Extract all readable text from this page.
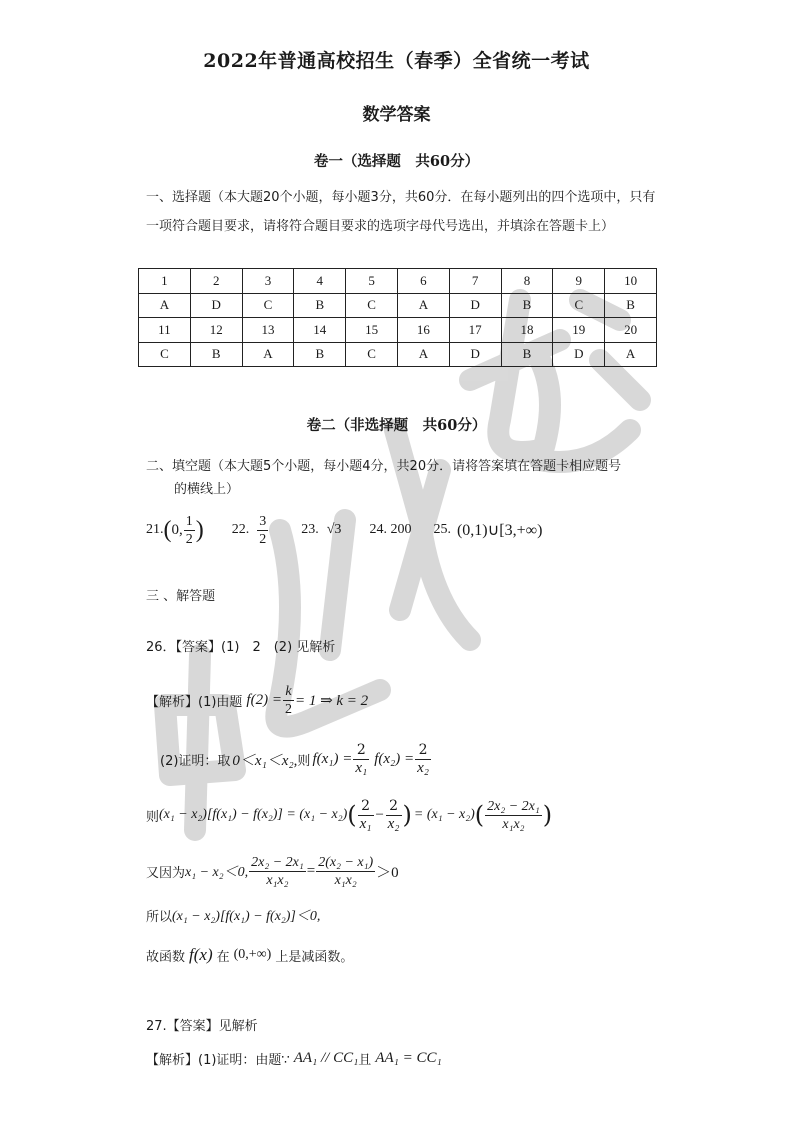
2022年普通高校招生（春季）全省统一考试
数学答案
卷一（选择题　共60分）
一、选择题（本大题20个小题，每小题3分，共60分．在每小题列出的四个选项中，只有一项符合题目要求，请将符合题目要求的选项字母代号选出，并填涂在答题卡上）
1	2	3	4	5	6	7	8	9	10
A	D	C	B	C	A	D	B	C	B
11	12	13	14	15	16	17	18	19	20
C	B	A	B	C	A	D	B	D	A
卷二（非选择题　共60分）
二、填空题（本大题5个小题，每小题4分，共20分．请将答案填在答题卡相应题号
的横线上）
21. ( 0, $\frac{1}{2}$ ) 22. $\frac{3}{2} 23$. √3 24. 200 25. (0,1)∪[3,+∞)
三 、解答题
26．【答案】(1)　2　(2) 见解析
【解析】(1)由题 $f(2) = \frac{k}{2} = 1$ ⇒ k = 2
(2)证明：取 0＜x₁＜x₂, 则 $f(x_1) = \frac{2}{\text{x₁}} f(x_2) = \frac{2}{\text{x₂}}$
则 (x₁ − x₂)[f(x₁) − f(x₂)] = (x₁ − x₂) ( $\frac{2}{\text{x₁}} - \frac{2}{\text{x₂}}$ ) = (x₁ − x₂) ( $\frac{\text{2x₂ − 2x₁}}{\text{x₁x₂}}$ )
又因为 x₁ − x₂＜0, $\frac{\text{2x₂ − 2x₁}}{\text{x₁x₂}} = \frac{\text{2(x₂ − x₁)}}{\text{x₁x₂}} >0$
所以 (x₁ − x₂)[f(x₁) − f(x₂)]＜0,
故函数 f(x) 在 (0,+∞) 上是减函数。
27.【答案】见解析
【解析】(1)证明：由题∵ AA₁ // CC₁ 且 AA₁ = CC₁
